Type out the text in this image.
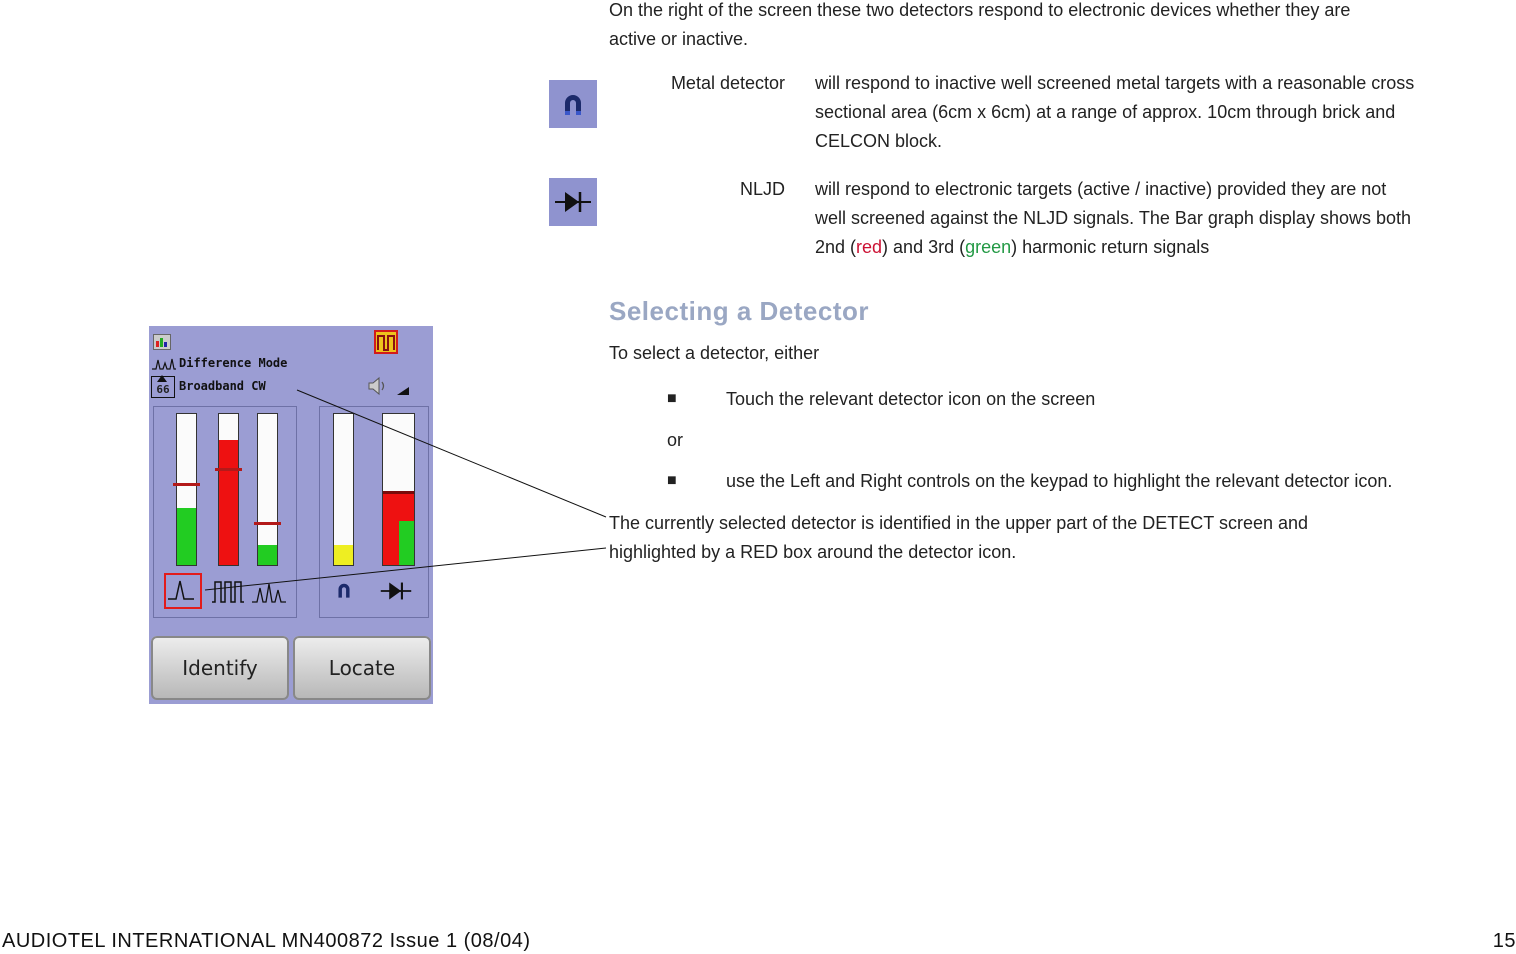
On the right of the screen these two detectors respond to electronic devices whether they are

active or inactive.

Metal detector will respond to inactive well screened metal targets with a reasonable cross
sectional area (6cm x 6cm) at a range of approx. 10cm through brick and
CELCON block.
NLJD will respond to electronic targets (active / inactive) provided they are not
well screened against the NLJD signals. The Bar graph display shows both
2nd (red) and 3rd (green) harmonic return signals
Selecting a Detector

To select a detector, either

■	Touch the relevant detector icon on the screen
or
■	use the Left and Right controls on the keypad to highlight the relevant detector icon.

The currently selected detector is identified in the upper part of the DETECT screen and

highlighted by a RED box around the detector icon.

Difference Mode
66 Broadband CW
Identify	Locate
AUDIOTEL INTERNATIONAL MN400872 Issue 1 (08/04)	15
